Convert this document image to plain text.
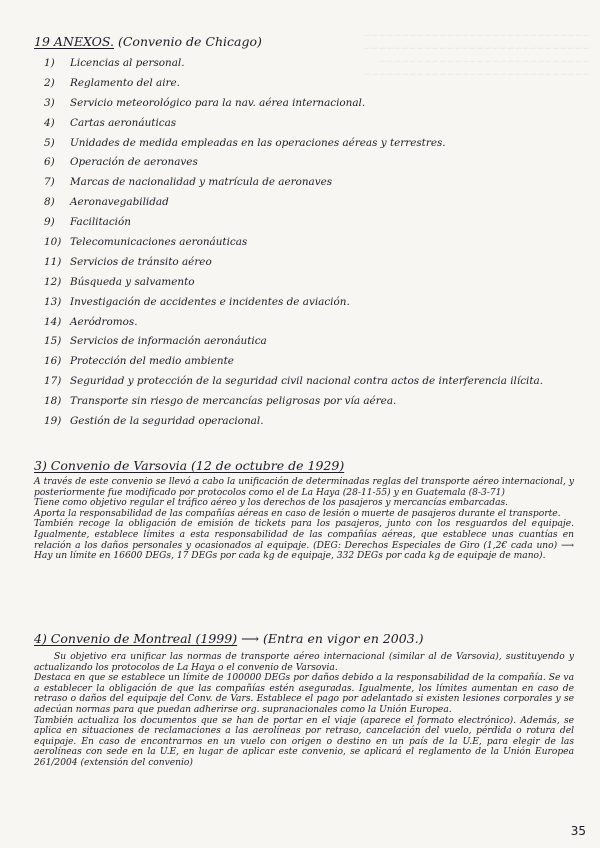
~~~~~~~~~~~~~~~~~~~~~~~~~~~~~~
~~~~~~~~~~~~~~~~~~~~~~~~~~~~~~
~~~~~~~~~~~~~~~~~~~~~~~~~~~~
~~~~~~~~~~~~~~~~~~~~~~~~~~~~~~
19 ANEXOS. (Convenio de Chicago)
1) Licencias al personal.
2) Reglamento del aire.
3) Servicio meteorológico para la nav. aérea internacional.
4) Cartas aeronáuticas
5) Unidades de medida empleadas en las operaciones aéreas y terrestres.
6) Operación de aeronaves
7) Marcas de nacionalidad y matrícula de aeronaves
8) Aeronavegabilidad
9) Facilitación
10) Telecomunicaciones aeronáuticas
11) Servicios de tránsito aéreo
12) Búsqueda y salvamento
13) Investigación de accidentes e incidentes de aviación.
14) Aeródromos.
15) Servicios de información aeronáutica
16) Protección del medio ambiente
17) Seguridad y protección de la seguridad civil nacional contra actos de interferencia ilícita.
18) Transporte sin riesgo de mercancías peligrosas por vía aérea.
19) Gestión de la seguridad operacional.
3) Convenio de Varsovia (12 de octubre de 1929)

A través de este convenio se llevó a cabo la unificación de determinadas reglas del transporte aéreo internacional, y posteriormente fue modificado por protocolos como el de La Haya (28-11-55) y en Guatemala (8-3-71)

Tiene como objetivo regular el tráfico aéreo y los derechos de los pasajeros y mercancías embarcadas.

Aporta la responsabilidad de las compañías aéreas en caso de lesión o muerte de pasajeros durante el transporte.

También recoge la obligación de emisión de tickets para los pasajeros, junto con los resguardos del equipaje. Igualmente, establece límites a esta responsabilidad de las compañías aéreas, que establece unas cuantías en relación a los daños personales y ocasionados al equipaje. (DEG: Derechos Especiales de Giro (1,2€ cada uno) ⟶ Hay un límite en 16600 DEGs, 17 DEGs por cada kg de equipaje, 332 DEGs por cada kg de equipaje de mano).

4) Convenio de Montreal (1999) ⟶ (Entra en vigor en 2003.)

Su objetivo era unificar las normas de transporte aéreo internacional (similar al de Varsovia), sustituyendo y actualizando los protocolos de La Haya o el convenio de Varsovia.

Destaca en que se establece un límite de 100000 DEGs por daños debido a la responsabilidad de la compañía. Se va a establecer la obligación de que las compañías estén aseguradas. Igualmente, los límites aumentan en caso de retraso o daños del equipaje del Conv. de Vars. Establece el pago por adelantado si existen lesiones corporales y se adecúan normas para que puedan adherirse org. supranacionales como la Unión Europea.

También actualiza los documentos que se han de portar en el viaje (aparece el formato electrónico). Además, se aplica en situaciones de reclamaciones a las aerolíneas por retraso, cancelación del vuelo, pérdida o rotura del equipaje. En caso de encontrarnos en un vuelo con origen o destino en un país de la U.E, para elegir de las aerolíneas con sede en la U.E, en lugar de aplicar este convenio, se aplicará el reglamento de la Unión Europea 261/2004 (extensión del convenio)

35
